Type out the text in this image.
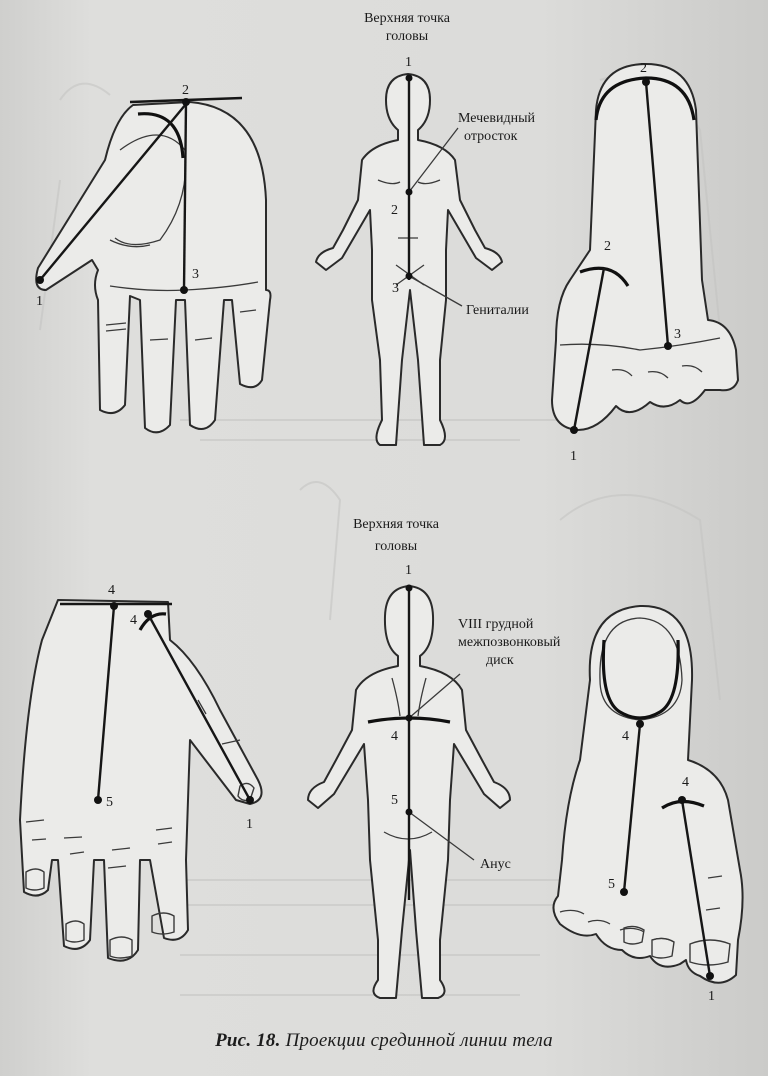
2
3
1
1
2
3
Верхняя точка
головы
Мечевидный
отросток
Гениталии
2
2
3
1
4
4
5
1
1
4
5
Верхняя точка
головы
VIII грудной
межпозвонковый
диск
Анус
4
4
5
1
Рис. 18. Проекции срединной линии тела
